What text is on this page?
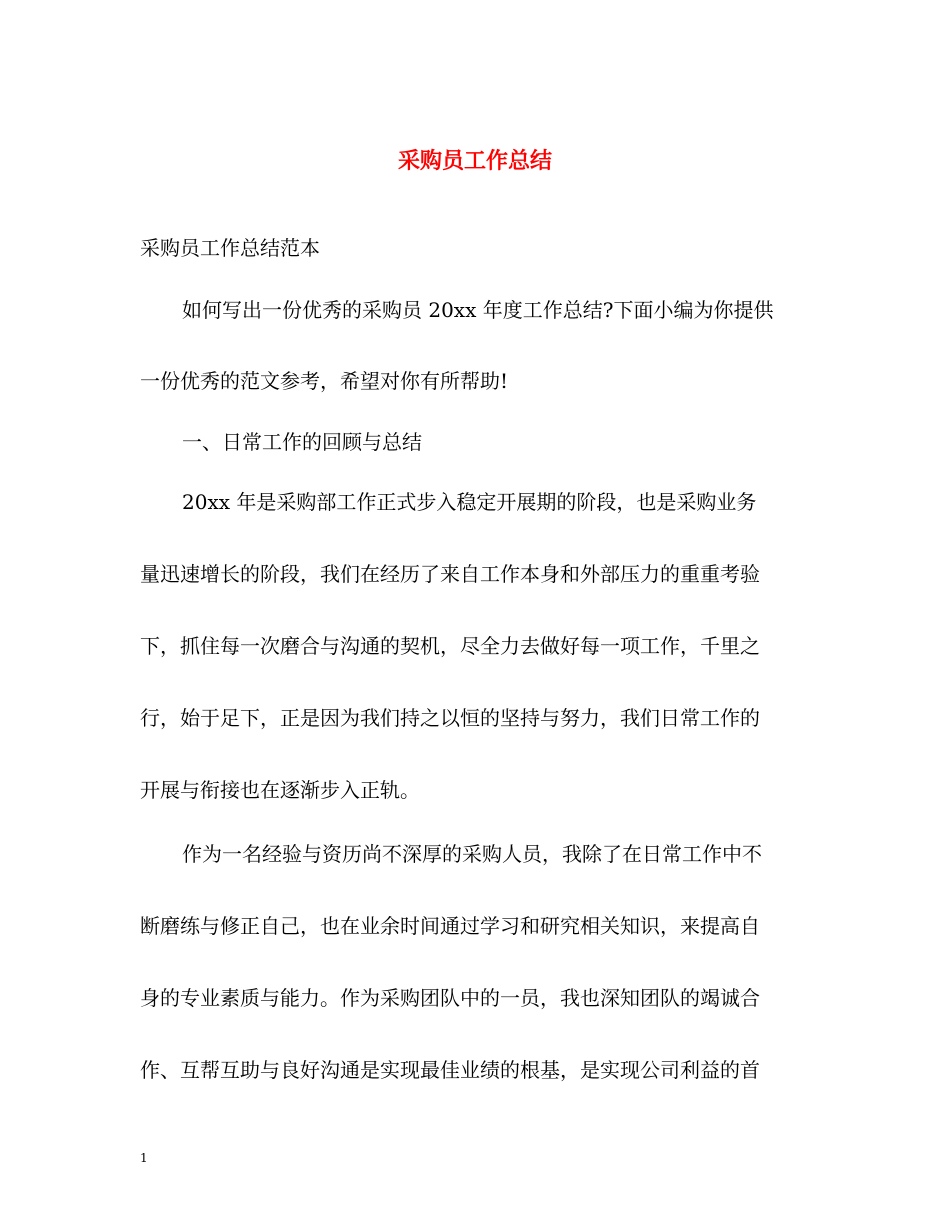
采购员工作总结
采购员工作总结范本
如何写出一份优秀的采购员 20xx 年度工作总结?下面小编为你提供
一份优秀的范文参考，希望对你有所帮助!
一、日常工作的回顾与总结
20xx 年是采购部工作正式步入稳定开展期的阶段，也是采购业务
量迅速增长的阶段，我们在经历了来自工作本身和外部压力的重重考验
下，抓住每一次磨合与沟通的契机，尽全力去做好每一项工作，千里之
行，始于足下，正是因为我们持之以恒的坚持与努力，我们日常工作的
开展与衔接也在逐渐步入正轨。
作为一名经验与资历尚不深厚的采购人员，我除了在日常工作中不
断磨练与修正自己，也在业余时间通过学习和研究相关知识，来提高自
身的专业素质与能力。作为采购团队中的一员，我也深知团队的竭诚合
作、互帮互助与良好沟通是实现最佳业绩的根基，是实现公司利益的首
1
